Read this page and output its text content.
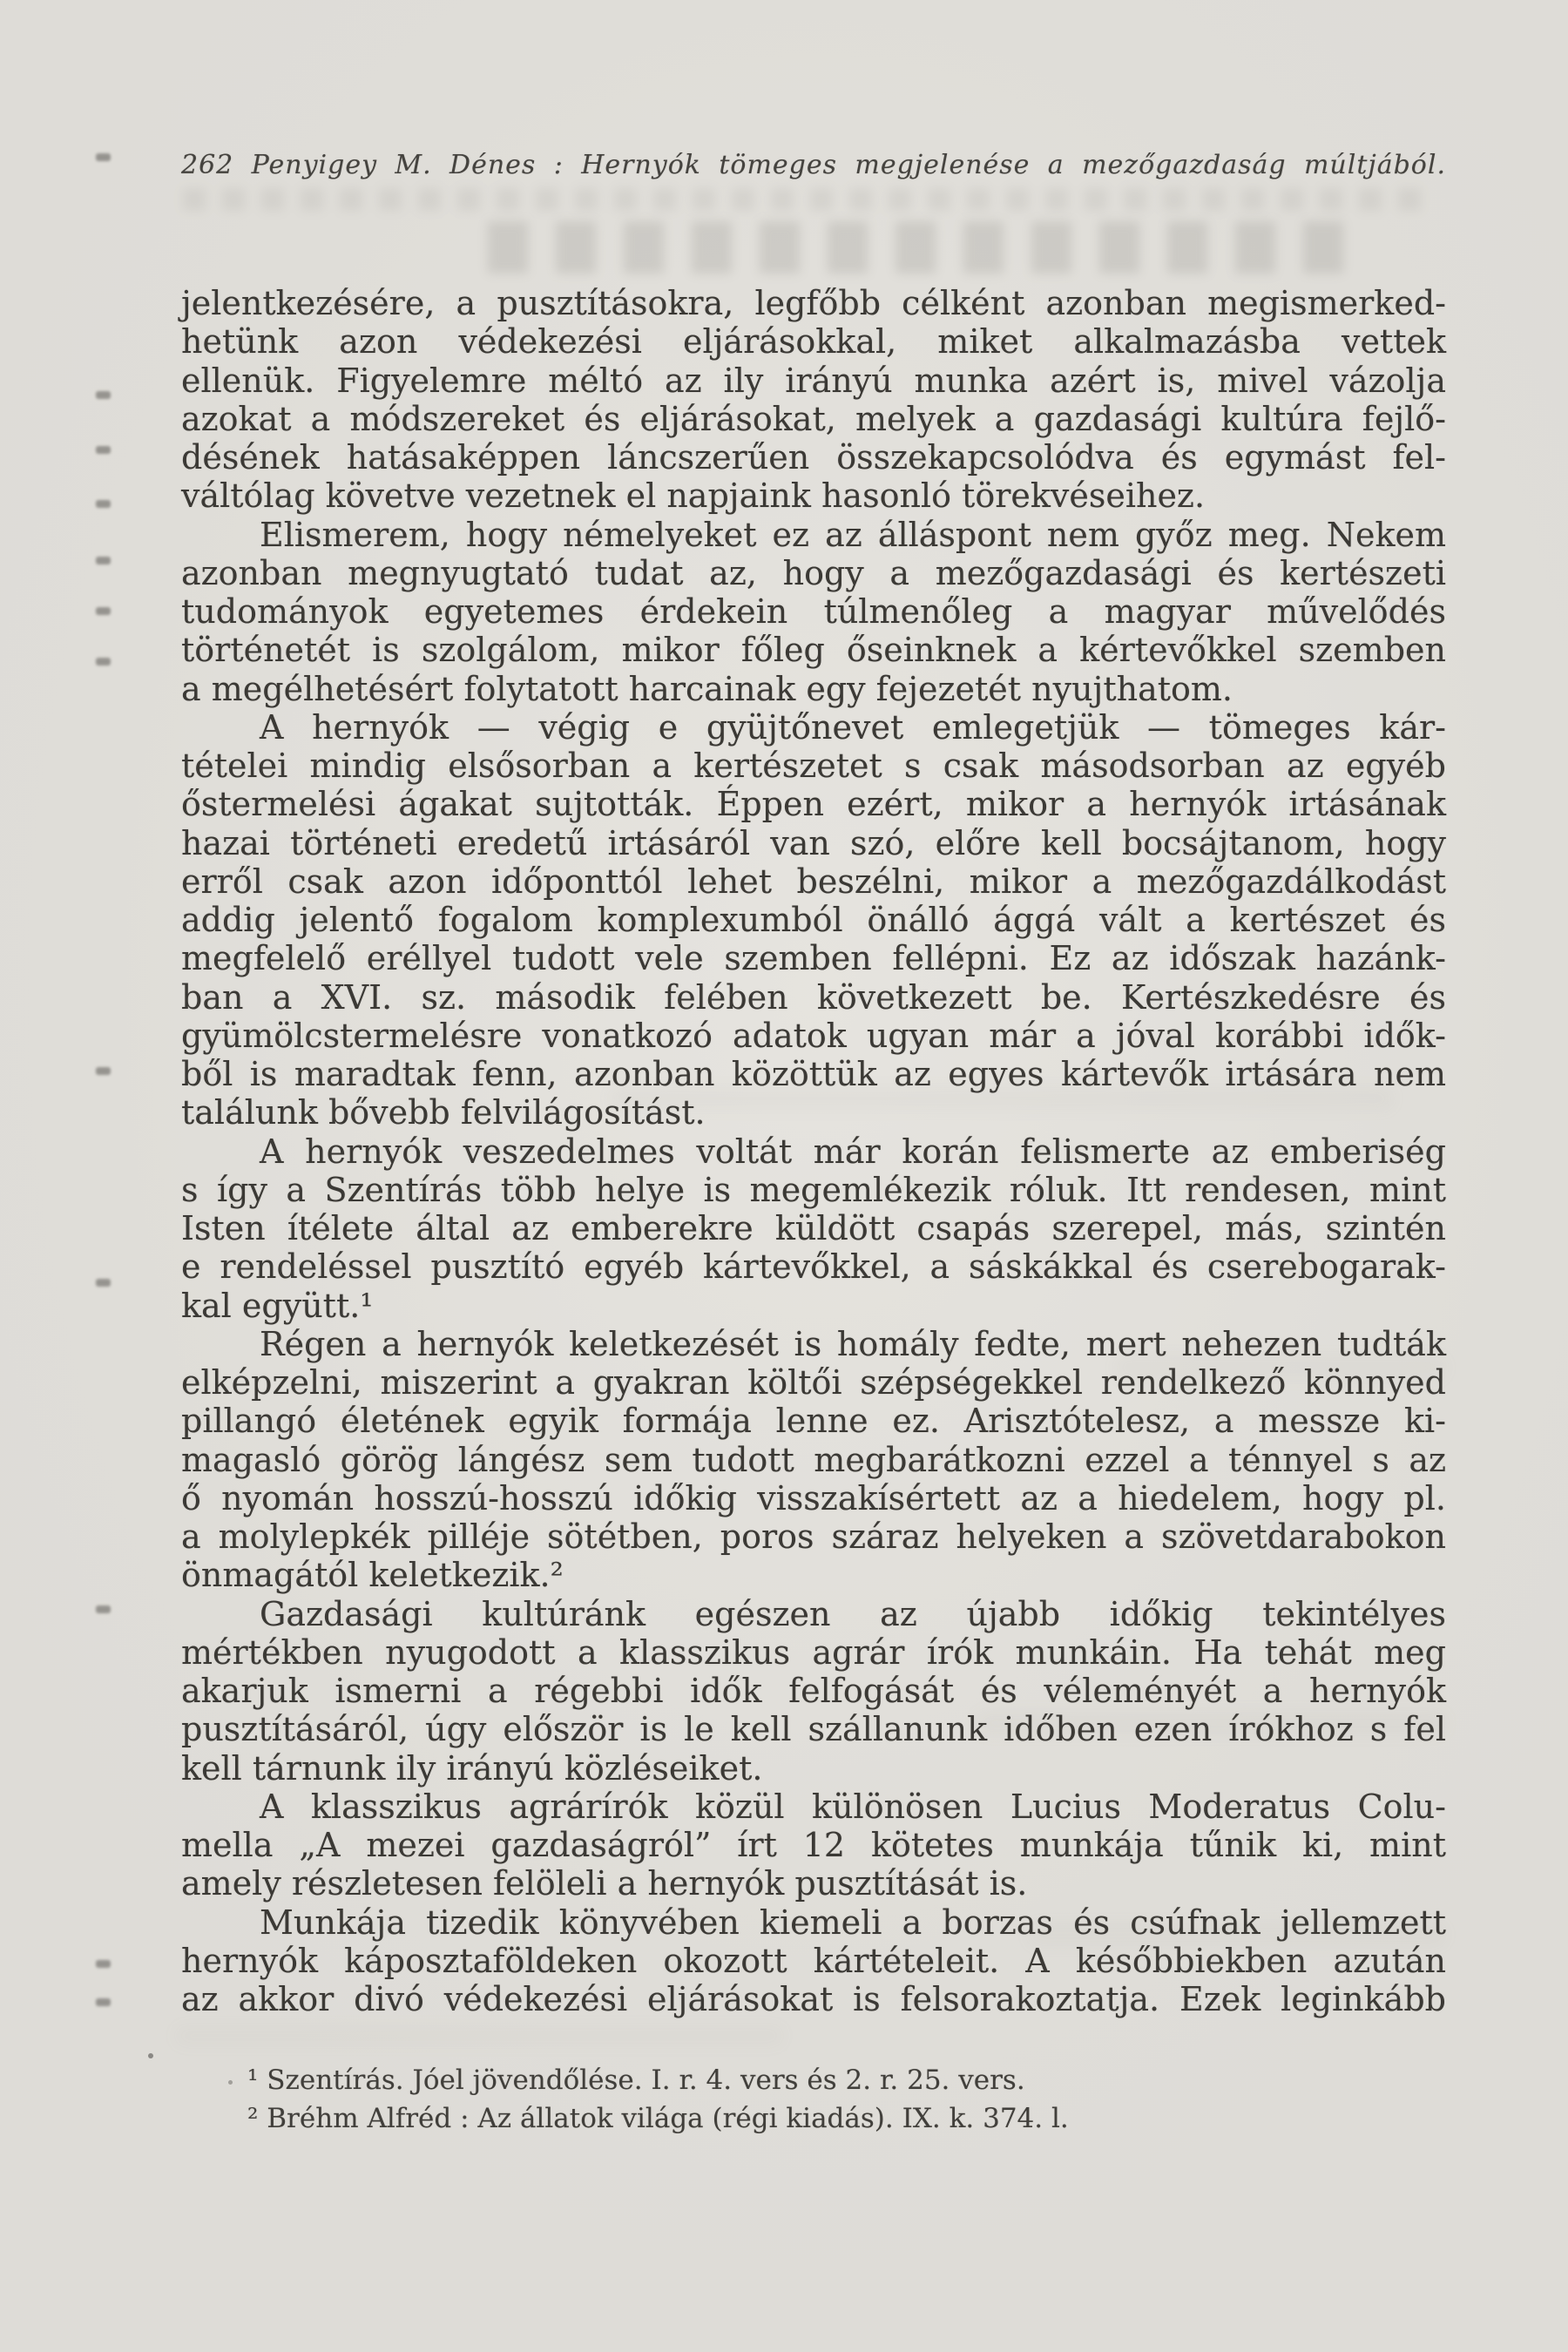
262 Penyigey M. Dénes : Hernyók tömeges megjelenése a mezőgazdaság múltjából.
jelentkezésére, a pusztításokra, legfőbb célként azonban megismerked-
hetünk azon védekezési eljárásokkal, miket alkalmazásba vettek
ellenük. Figyelemre méltó az ily irányú munka azért is, mivel vázolja
azokat a módszereket és eljárásokat, melyek a gazdasági kultúra fejlő-
désének hatásaképpen láncszerűen összekapcsolódva és egymást fel-
váltólag követve vezetnek el napjaink hasonló törekvéseihez.
Elismerem, hogy némelyeket ez az álláspont nem győz meg. Nekem
azonban megnyugtató tudat az, hogy a mezőgazdasági és kertészeti
tudományok egyetemes érdekein túlmenőleg a magyar művelődés
történetét is szolgálom, mikor főleg őseinknek a kértevőkkel szemben
a megélhetésért folytatott harcainak egy fejezetét nyujthatom.
A hernyók — végig e gyüjtőnevet emlegetjük — tömeges kár-
tételei mindig elsősorban a kertészetet s csak másodsorban az egyéb
őstermelési ágakat sujtották. Éppen ezért, mikor a hernyók irtásának
hazai történeti eredetű irtásáról van szó, előre kell bocsájtanom, hogy
erről csak azon időponttól lehet beszélni, mikor a mezőgazdálkodást
addig jelentő fogalom komplexumból önálló ággá vált a kertészet és
megfelelő eréllyel tudott vele szemben fellépni. Ez az időszak hazánk-
ban a XVI. sz. második felében következett be. Kertészkedésre és
gyümölcstermelésre vonatkozó adatok ugyan már a jóval korábbi idők-
ből is maradtak fenn, azonban közöttük az egyes kártevők irtására nem
találunk bővebb felvilágosítást.
A hernyók veszedelmes voltát már korán felismerte az emberiség
s így a Szentírás több helye is megemlékezik róluk. Itt rendesen, mint
Isten ítélete által az emberekre küldött csapás szerepel, más, szintén
e rendeléssel pusztító egyéb kártevőkkel, a sáskákkal és cserebogarak-
kal együtt.¹
Régen a hernyók keletkezését is homály fedte, mert nehezen tudták
elképzelni, miszerint a gyakran költői szépségekkel rendelkező könnyed
pillangó életének egyik formája lenne ez. Arisztótelesz, a messze ki-
magasló görög lángész sem tudott megbarátkozni ezzel a ténnyel s az
ő nyomán hosszú-hosszú időkig visszakísértett az a hiedelem, hogy pl.
a molylepkék pilléje sötétben, poros száraz helyeken a szövetdarabokon
önmagától keletkezik.²
Gazdasági kultúránk egészen az újabb időkig tekintélyes
mértékben nyugodott a klasszikus agrár írók munkáin. Ha tehát meg
akarjuk ismerni a régebbi idők felfogását és véleményét a hernyók
pusztításáról, úgy először is le kell szállanunk időben ezen írókhoz s fel
kell tárnunk ily irányú közléseiket.
A klasszikus agrárírók közül különösen Lucius Moderatus Colu-
mella „A mezei gazdaságról” írt 12 kötetes munkája tűnik ki, mint
amely részletesen felöleli a hernyók pusztítását is.
Munkája tizedik könyvében kiemeli a borzas és csúfnak jellemzett
hernyók káposztaföldeken okozott kártételeit. A későbbiekben azután
az akkor divó védekezési eljárásokat is felsorakoztatja. Ezek leginkább
¹ Szentírás. Jóel jövendőlése. I. r. 4. vers és 2. r. 25. vers.
² Bréhm Alfréd : Az állatok világa (régi kiadás). IX. k. 374. l.
